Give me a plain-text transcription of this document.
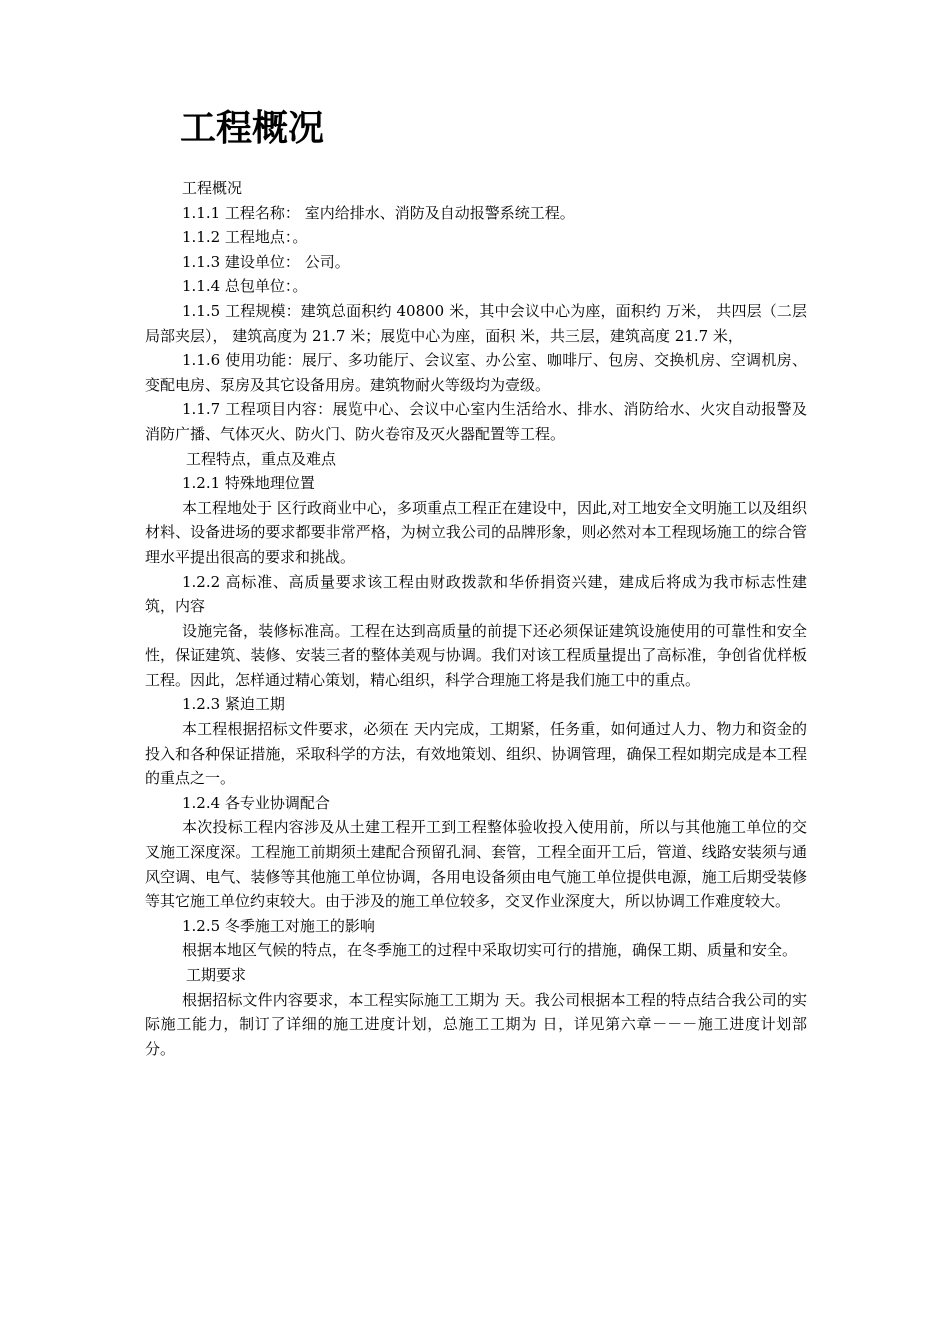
工程概况

工程概况

1.1.1 工程名称： 室内给排水、消防及自动报警系统工程。

1.1.2 工程地点：。

1.1.3 建设单位： 公司。

1.1.4 总包单位：。

1.1.5 工程规模：建筑总面积约 40800 米，其中会议中心为座，面积约 万米， 共四层（二层局部夹层）， 建筑高度为 21.7 米；展览中心为座，面积 米，共三层，建筑高度 21.7 米，

1.1.6 使用功能：展厅、多功能厅、会议室、办公室、咖啡厅、包房、交换机房、空调机房、变配电房、泵房及其它设备用房。建筑物耐火等级均为壹级。

1.1.7 工程项目内容：展览中心、会议中心室内生活给水、排水、消防给水、火灾自动报警及消防广播、气体灭火、防火门、防火卷帘及灭火器配置等工程。

工程特点，重点及难点

1.2.1 特殊地理位置

本工程地处于 区行政商业中心，多项重点工程正在建设中，因此,对工地安全文明施工以及组织材料、设备进场的要求都要非常严格，为树立我公司的品牌形象，则必然对本工程现场施工的综合管理水平提出很高的要求和挑战。

1.2.2 高标准、高质量要求该工程由财政拨款和华侨捐资兴建，建成后将成为我市标志性建筑，内容

设施完备，装修标准高。工程在达到高质量的前提下还必须保证建筑设施使用的可靠性和安全性，保证建筑、装修、安装三者的整体美观与协调。我们对该工程质量提出了高标准，争创省优样板工程。因此，怎样通过精心策划，精心组织，科学合理施工将是我们施工中的重点。

1.2.3 紧迫工期

本工程根据招标文件要求，必须在 天内完成，工期紧，任务重，如何通过人力、物力和资金的投入和各种保证措施，采取科学的方法，有效地策划、组织、协调管理，确保工程如期完成是本工程的重点之一。

1.2.4 各专业协调配合

本次投标工程内容涉及从土建工程开工到工程整体验收投入使用前，所以与其他施工单位的交叉施工深度深。工程施工前期须土建配合预留孔洞、套管，工程全面开工后，管道、线路安装须与通风空调、电气、装修等其他施工单位协调，各用电设备须由电气施工单位提供电源，施工后期受装修等其它施工单位约束较大。由于涉及的施工单位较多，交叉作业深度大，所以协调工作难度较大。

1.2.5 冬季施工对施工的影响

根据本地区气候的特点，在冬季施工的过程中采取切实可行的措施，确保工期、质量和安全。

工期要求

根据招标文件内容要求，本工程实际施工工期为 天。我公司根据本工程的特点结合我公司的实际施工能力，制订了详细的施工进度计划，总施工工期为 日，详见第六章－－－施工进度计划部分。
